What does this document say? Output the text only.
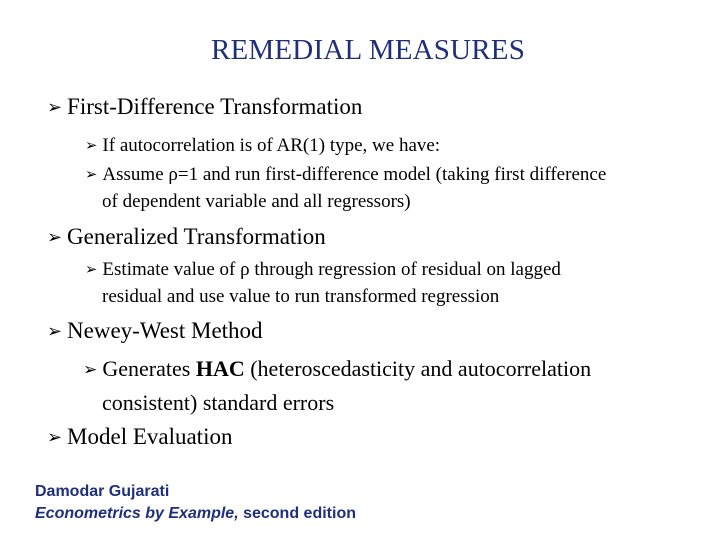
REMEDIAL MEASURES
➢ First-Difference Transformation
➢ If autocorrelation is of AR(1) type, we have:
➢ Assume ρ=1 and run first-difference model (taking first difference
of dependent variable and all regressors)
➢ Generalized Transformation
➢ Estimate value of ρ through regression of residual on lagged
residual and use value to run transformed regression
➢ Newey-West Method
➢ Generates HAC (heteroscedasticity and autocorrelation
consistent) standard errors
➢ Model Evaluation
Damodar Gujarati
Econometrics by Example, second edition
